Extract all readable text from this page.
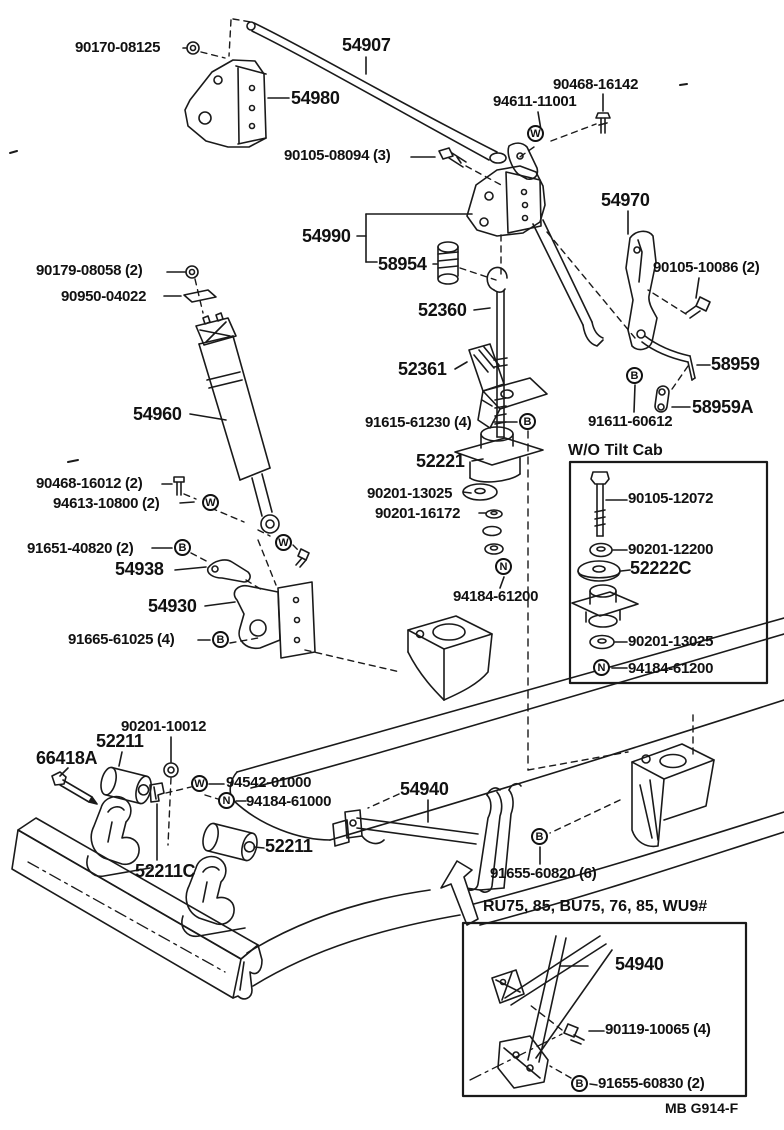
90170-08125	54907
54980
90468-16142
94611-11001
90105-08094 (3)
54990
58954
54970
90105-10086 (2)
52360
52361	58959
58959A
91611-60612
90179-08058 (2)
90950-04022
54960
90468-16012 (2)
94613-10800 (2)
91651-40820 (2)
54938
54930
91665-61025 (4)
91615-61230 (4)
52221
90201-13025
90201-16172
94184-61200
90201-10012
52211
66418A
94542-01000
94184-61000
52211
52211C
54940
91655-60820 (6)
W/O Tilt Cab
90105-12072
90201-12200
52222C
90201-13025
94184-61200
RU75, 85, BU75, 76, 85, WU9#
54940
90119-10065 (4)
91655-60830 (2)
MB G914-F
W
B
B
N
W
W
B
B
N
W
N
B
B
